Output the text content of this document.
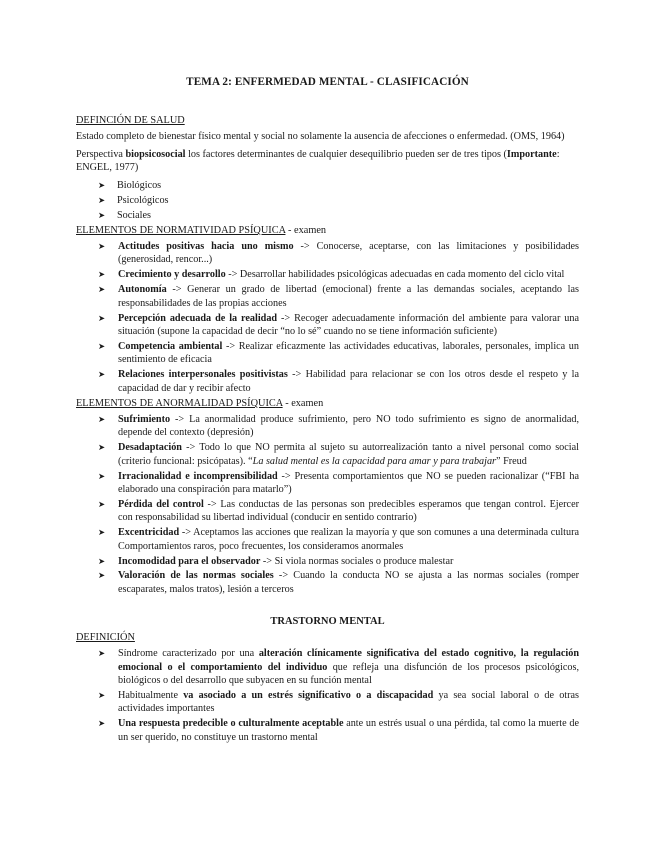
TEMA 2: ENFERMEDAD MENTAL - CLASIFICACIÓN
DEFINCIÓN DE SALUD

Estado completo de bienestar físico mental y social no solamente la ausencia de afecciones o enfermedad. (OMS, 1964)

Perspectiva biopsicosocial los factores determinantes de cualquier desequilibrio pueden ser de tres tipos (Importante: ENGEL, 1977)

➤ Biológicos
➤ Psicológicos
➤ Sociales
ELEMENTOS DE NORMATIVIDAD PSÍQUICA - examen
➤ Actitudes positivas hacia uno mismo -> Conocerse, aceptarse, con las limitaciones y posibilidades (generosidad, rencor...)
➤ Crecimiento y desarrollo -> Desarrollar habilidades psicológicas adecuadas en cada momento del ciclo vital
➤ Autonomía -> Generar un grado de libertad (emocional) frente a las demandas sociales, aceptando las responsabilidades de las propias acciones
➤ Percepción adecuada de la realidad -> Recoger adecuadamente información del ambiente para valorar una situación (supone la capacidad de decir “no lo sé” cuando no se tiene información suficiente)
➤ Competencia ambiental -> Realizar eficazmente las actividades educativas, laborales, personales, implica un sentimiento de eficacia
➤ Relaciones interpersonales positivistas -> Habilidad para relacionar se con los otros desde el respeto y la capacidad de dar y recibir afecto
ELEMENTOS DE ANORMALIDAD PSÍQUICA - examen
➤ Sufrimiento -> La anormalidad produce sufrimiento, pero NO todo sufrimiento es signo de anormalidad, depende del contexto (depresión)
➤ Desadaptación -> Todo lo que NO permita al sujeto su autorrealización tanto a nivel personal como social (criterio funcional: psicópatas). “La salud mental es la capacidad para amar y para trabajar” Freud
➤ Irracionalidad e incomprensibilidad -> Presenta comportamientos que NO se pueden racionalizar (“FBI ha elaborado una conspiración para matarlo”)
➤ Pérdida del control -> Las conductas de las personas son predecibles esperamos que tengan control. Ejercer con responsabilidad su libertad individual (conducir en sentido contrario)
➤ Excentricidad -> Aceptamos las acciones que realizan la mayoría y que son comunes a una determinada cultura Comportamientos raros, poco frecuentes, los consideramos anormales
➤ Incomodidad para el observador -> Si viola normas sociales o produce malestar
➤ Valoración de las normas sociales -> Cuando la conducta NO se ajusta a las normas sociales (romper escaparates, malos tratos), lesión a terceros
TRASTORNO MENTAL
DEFINICIÓN
➤ Síndrome caracterizado por una alteración clínicamente significativa del estado cognitivo, la regulación emocional o el comportamiento del individuo que refleja una disfunción de los procesos psicológicos, biológicos o del desarrollo que subyacen en su función mental
➤ Habitualmente va asociado a un estrés significativo o a discapacidad ya sea social laboral o de otras actividades importantes
➤ Una respuesta predecible o culturalmente aceptable ante un estrés usual o una pérdida, tal como la muerte de un ser querido, no constituye un trastorno mental
